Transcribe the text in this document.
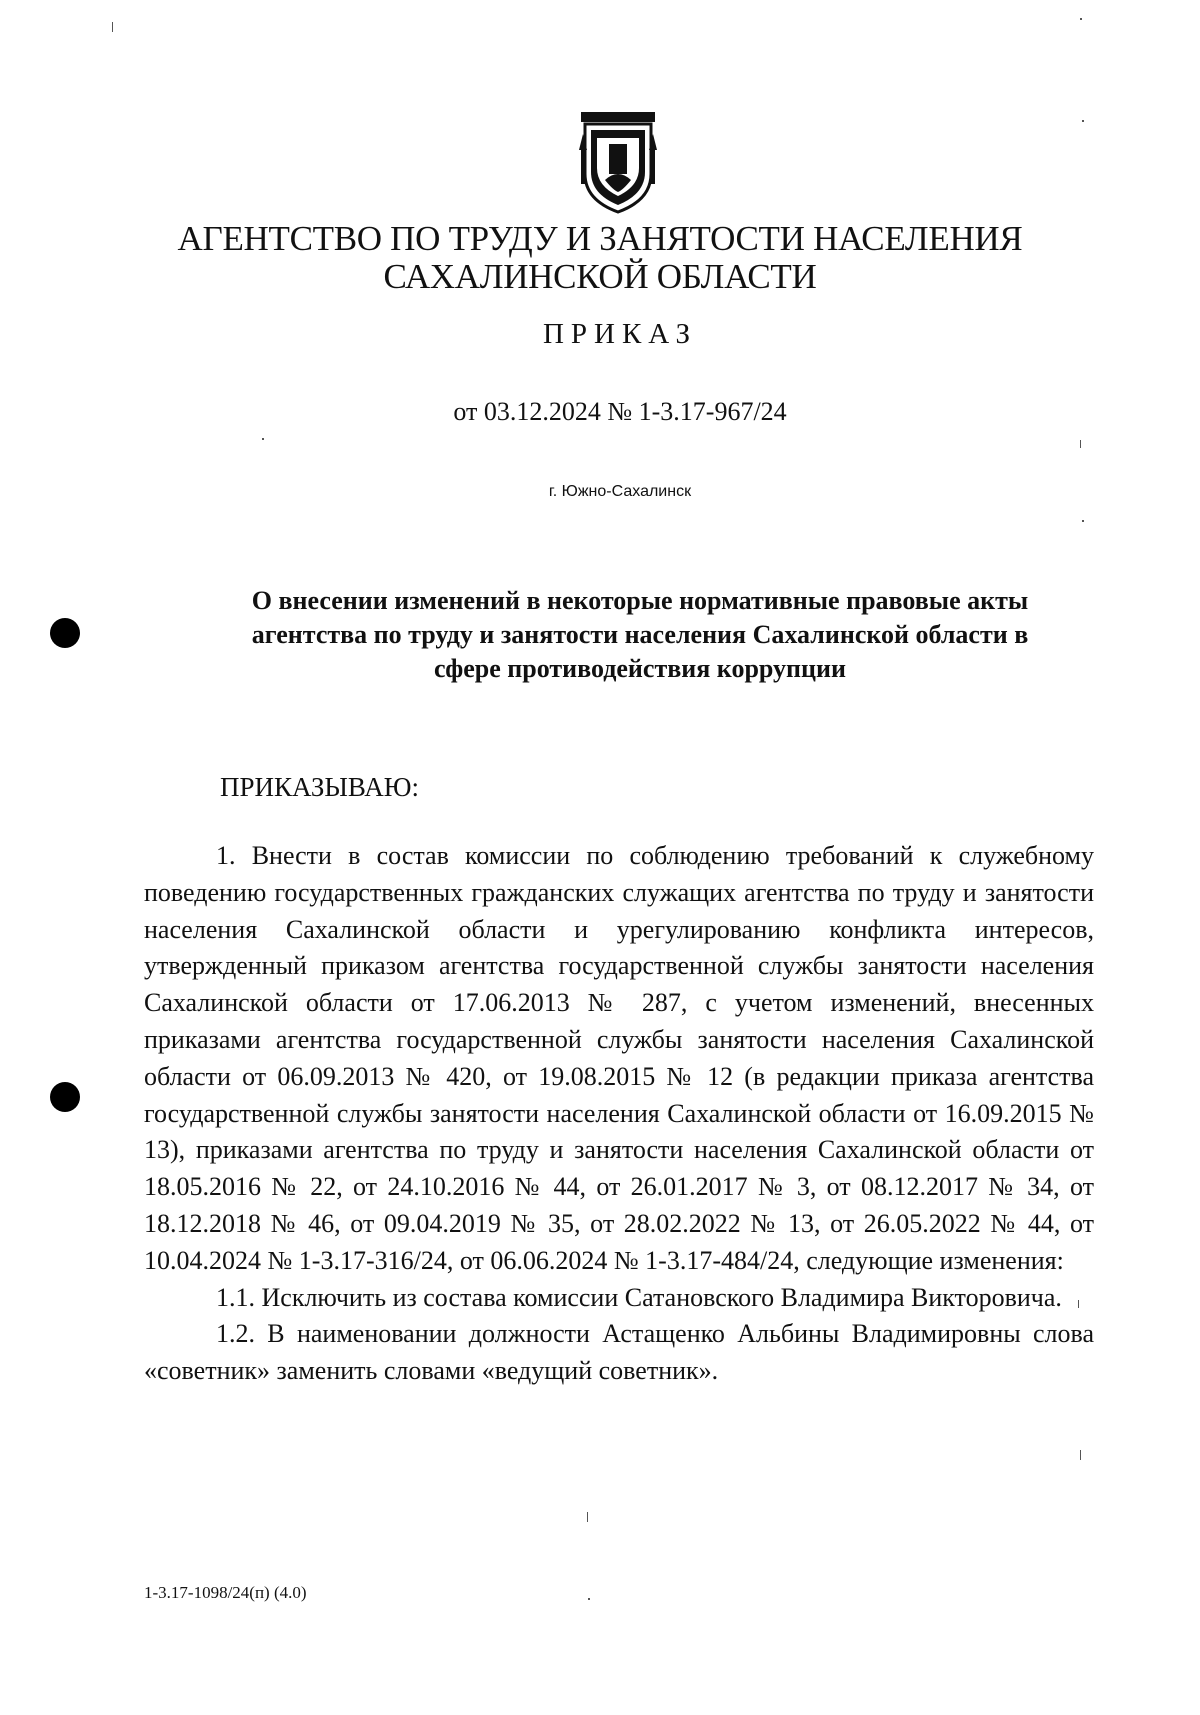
АГЕНТСТВО ПО ТРУДУ И ЗАНЯТОСТИ НАСЕЛЕНИЯ
САХАЛИНСКОЙ ОБЛАСТИ
ПРИКАЗ
от 03.12.2024 № 1-3.17-967/24
г. Южно-Сахалинск
О внесении изменений в некоторые нормативные правовые акты
агентства по труду и занятости населения Сахалинской области в
сфере противодействия коррупции
ПРИКАЗЫВАЮ:

1. Внести в состав комиссии по соблюдению требований к служебному поведению государственных гражданских служащих агентства по труду и занятости населения Сахалинской области и урегулированию конфликта интересов, утвержденный приказом агентства государственной службы занятости населения Сахалинской области от 17.06.2013 № 287, с учетом изменений, внесенных приказами агентства государственной службы занятости населения Сахалинской области от 06.09.2013 № 420, от 19.08.2015 № 12 (в редакции приказа агентства государственной службы занятости населения Сахалинской области от 16.09.2015 № 13), приказами агентства по труду и занятости населения Сахалинской области от 18.05.2016 № 22, от 24.10.2016 № 44, от 26.01.2017 № 3, от 08.12.2017 № 34, от 18.12.2018 № 46, от 09.04.2019 № 35, от 28.02.2022 № 13, от 26.05.2022 № 44, от 10.04.2024 № 1-3.17-316/24, от 06.06.2024 № 1-3.17-484/24, следующие изменения:

1.1. Исключить из состава комиссии Сатановского Владимира Викторовича.

1.2. В наименовании должности Астащенко Альбины Владимировны слова «советник» заменить словами «ведущий советник».

1-3.17-1098/24(п) (4.0)
